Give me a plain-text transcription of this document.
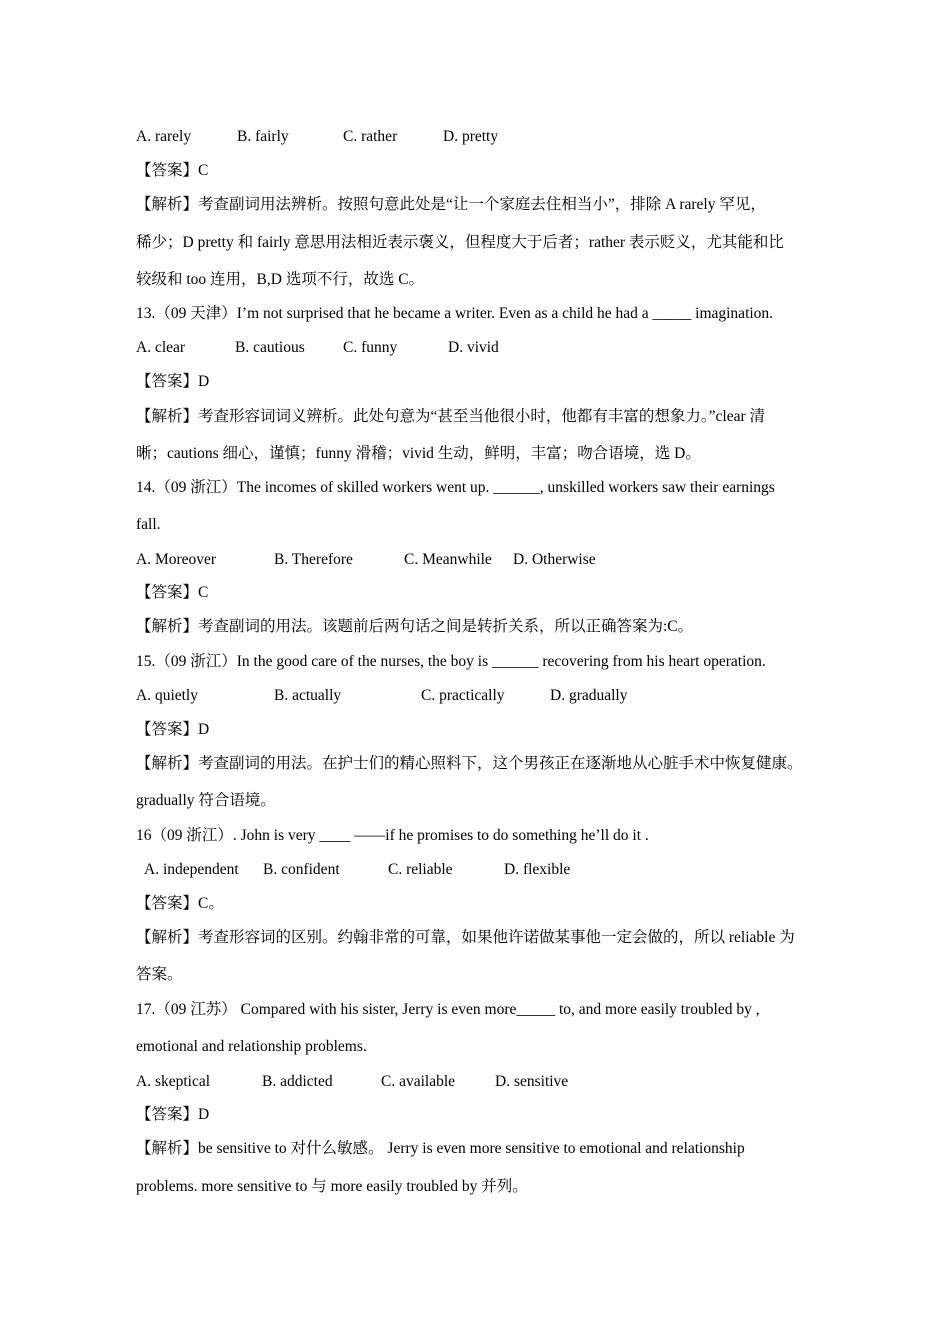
A. rarely	B. fairly	C. rather	D. pretty
【答案】C
【解析】考查副词用法辨析。按照句意此处是“让一个家庭去住相当小”，排除 A rarely 罕见，
稀少；D pretty 和 fairly 意思用法相近表示褒义，但程度大于后者；rather 表示贬义，尤其能和比
较级和 too 连用，B,D 选项不行，故选 C。
13.（09 天津）I’m not surprised that he became a writer. Even as a child he had a _____ imagination.
A. clear	B. cautious C. funny	D. vivid
【答案】D
【解析】考查形容词词义辨析。此处句意为“甚至当他很小时，他都有丰富的想象力。”clear 清
晰；cautions 细心，谨慎；funny 滑稽；vivid 生动，鲜明，丰富；吻合语境，选 D。
14.（09 浙江）The incomes of skilled workers went up. ______, unskilled workers saw their earnings
fall.
A. Moreover	B. Therefore	C. Meanwhile D. Otherwise
【答案】C
【解析】考查副词的用法。该题前后两句话之间是转折关系，所以正确答案为:C。
15.（09 浙江）In the good care of the nurses, the boy is ______ recovering from his heart operation.
A. quietly	B. actually	C. practically	D. gradually
【答案】D
【解析】考查副词的用法。在护士们的精心照料下，这个男孩正在逐渐地从心脏手术中恢复健康。
gradually 符合语境。
16（09 浙江）. John is very ____ ——if he promises to do something he’ll do it .
A. independent B. confident	C. reliable	D. flexible
【答案】C。
【解析】考查形容词的区别。约翰非常的可靠，如果他许诺做某事他一定会做的，所以 reliable 为
答案。
17.（09 江苏） Compared with his sister, Jerry is even more_____ to, and more easily troubled by ,
emotional and relationship problems.
A. skeptical	B. addicted	C. available	D. sensitive
【答案】D
【解析】be sensitive to 对什么敏感。 Jerry is even more sensitive to emotional and relationship
problems. more sensitive to 与 more easily troubled by 并列。
